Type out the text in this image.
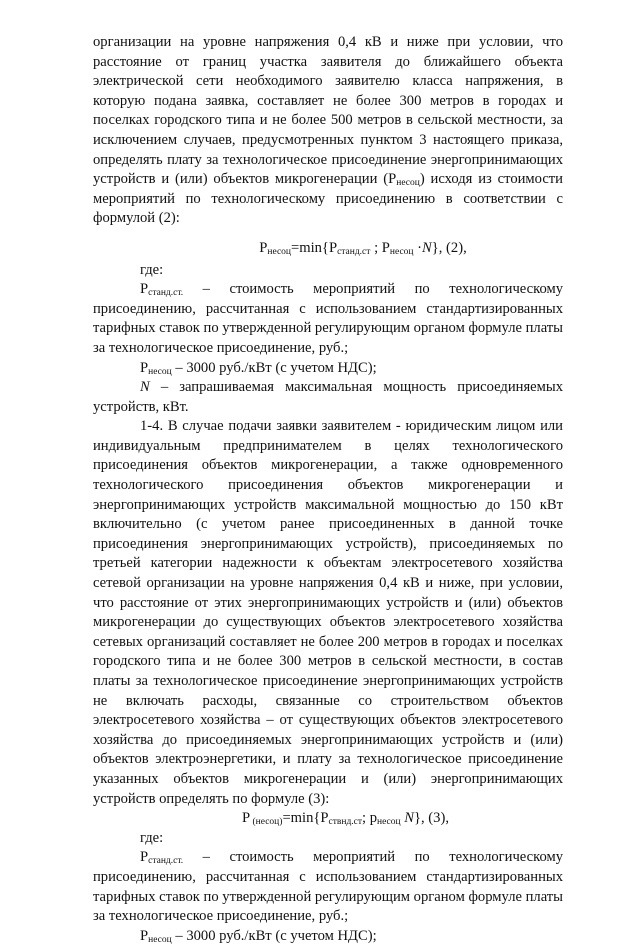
организации на уровне напряжения 0,4 кВ и ниже при условии, что расстояние от границ участка заявителя до ближайшего объекта электрической сети необходимого заявителю класса напряжения, в которую подана заявка, составляет не более 300 метров в городах и поселках городского типа и не более 500 метров в сельской местности, за исключением случаев, предусмотренных пунктом 3 настоящего приказа, определять плату за технологическое присоединение энергопринимающих устройств и (или) объектов микрогенерации $(P_{несоц})$ исходя из стоимости мероприятий по технологическому присоединению в соответствии с формулой (2):

$P_{несоц}=\min\{P_{станд.ст}$ ; $P_{несоц} \cdot N$}, (2),

где:

$P_{станд.ст.}$ – стоимость мероприятий по технологическому присоединению, рассчитанная с использованием стандартизированных тарифных ставок по утвержденной регулирующим органом формуле платы за технологическое присоединение, руб.;

$P_{несоц} - 3000$ руб./кВт (с учетом НДС);

N – запрашиваемая максимальная мощность присоединяемых устройств, кВт.

1-4. В случае подачи заявки заявителем - юридическим лицом или индивидуальным предпринимателем в целях технологического присоединения объектов микрогенерации, а также одновременного технологического присоединения объектов микрогенерации и энергопринимающих устройств максимальной мощностью до 150 кВт включительно (с учетом ранее присоединенных в данной точке присоединения энергопринимающих устройств), присоединяемых по третьей категории надежности к объектам электросетевого хозяйства сетевой организации на уровне напряжения 0,4 кВ и ниже, при условии, что расстояние от этих энергопринимающих устройств и (или) объектов микрогенерации до существующих объектов электросетевого хозяйства сетевых организаций составляет не более 200 метров в городах и поселках городского типа и не более 300 метров в сельской местности, в состав платы за технологическое присоединение энергопринимающих устройств не включать расходы, связанные со строительством объектов электросетевого хозяйства – от существующих объектов электросетевого хозяйства до присоединяемых энергопринимающих устройств и (или) объектов электроэнергетики, и плату за технологическое присоединение указанных объектов микрогенерации и (или) энергопринимающих устройств определять по формуле (3):

P $_{(несоц)}=\min\{P_{ствнд.ст}$; $p_{несоц}$ N}, (3),

где:

$P_{станд.ст.}$ – стоимость мероприятий по технологическому присоединению, рассчитанная с использованием стандартизированных тарифных ставок по утвержденной регулирующим органом формуле платы за технологическое присоединение, руб.;

$P_{несоц} - 3000$ руб./кВт (с учетом НДС);
